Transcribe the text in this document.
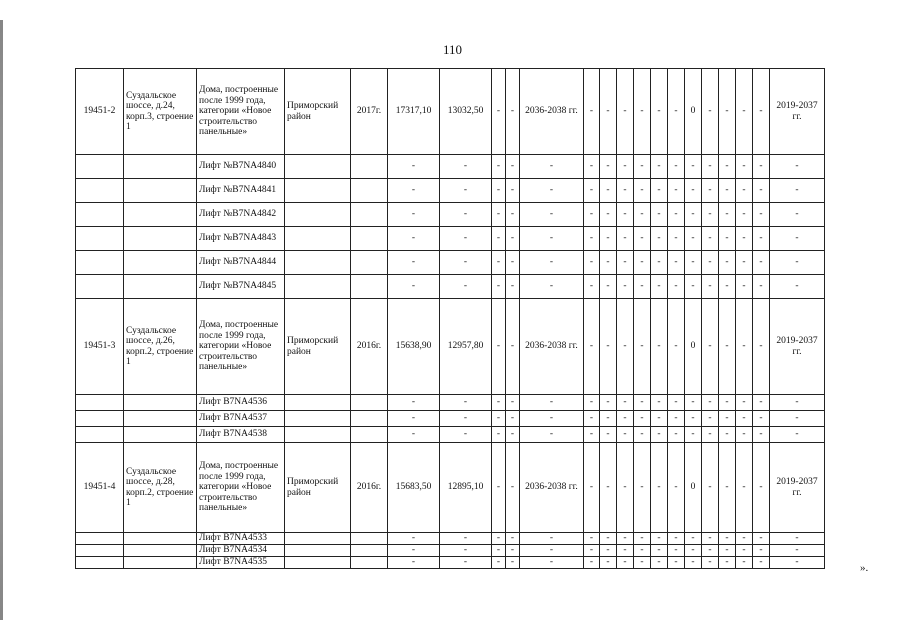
110
19451-2	Суздальское шоссе, д.24, корп.3, строение 1	Дома, построенные после 1999 года, категории «Новое строительство панельные»	Приморский район	2017г.	17317,10	13032,50	-	-	2036-2038 гг.	-	-	-	-	-	-	0	-	-	-	-	2019-2037 гг.
		Лифт №B7NA4840			-	-	-	-	-	-	-	-	-	-	-	-	-	-	-	-	-
		Лифт №B7NA4841			-	-	-	-	-	-	-	-	-	-	-	-	-	-	-	-	-
		Лифт №B7NA4842			-	-	-	-	-	-	-	-	-	-	-	-	-	-	-	-	-
		Лифт №B7NA4843			-	-	-	-	-	-	-	-	-	-	-	-	-	-	-	-	-
		Лифт №B7NA4844			-	-	-	-	-	-	-	-	-	-	-	-	-	-	-	-	-
		Лифт №B7NA4845			-	-	-	-	-	-	-	-	-	-	-	-	-	-	-	-	-
19451-3	Суздальское шоссе, д.26, корп.2, строение 1	Дома, построенные после 1999 года, категории «Новое строительство панельные»	Приморский район	2016г.	15638,90	12957,80	-	-	2036-2038 гг.	-	-	-	-	-	-	0	-	-	-	-	2019-2037 гг.
		Лифт B7NA4536			-	-	-	-	-	-	-	-	-	-	-	-	-	-	-	-	-
		Лифт B7NA4537			-	-	-	-	-	-	-	-	-	-	-	-	-	-	-	-	-
		Лифт B7NA4538			-	-	-	-	-	-	-	-	-	-	-	-	-	-	-	-	-
19451-4	Суздальское шоссе, д.28, корп.2, строение 1	Дома, построенные после 1999 года, категории «Новое строительство панельные»	Приморский район	2016г.	15683,50	12895,10	-	-	2036-2038 гг.	-	-	-	-	-	-	0	-	-	-	-	2019-2037 гг.
		Лифт B7NA4533			-	-	-	-	-	-	-	-	-	-	-	-	-	-	-	-	-
		Лифт B7NA4534			-	-	-	-	-	-	-	-	-	-	-	-	-	-	-	-	-
		Лифт B7NA4535			-	-	-	-	-	-	-	-	-	-	-	-	-	-	-	-	-	».
